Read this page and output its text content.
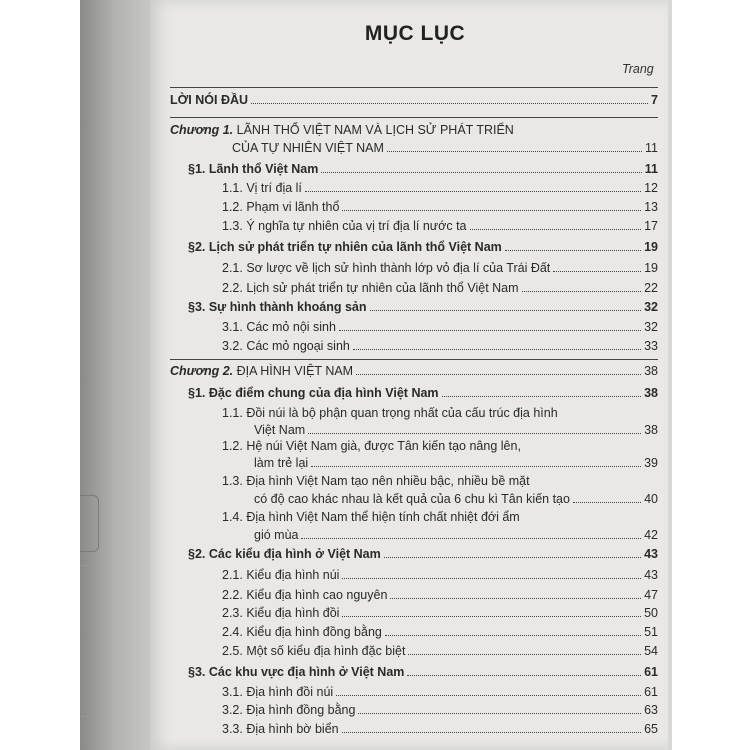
MỤC LỤC
Trang
LỜI NÓI ĐẦU	7
Chương 1. LÃNH THỔ VIỆT NAM VÀ LỊCH SỬ PHÁT TRIỂN
CỦA TỰ NHIÊN VIỆT NAM	11
§1. Lãnh thổ Việt Nam	11
1.1. Vị trí địa lí	12
1.2. Phạm vi lãnh thổ	13
1.3. Ý nghĩa tự nhiên của vị trí địa lí nước ta	17
§2. Lịch sử phát triển tự nhiên của lãnh thổ Việt Nam	19
2.1. Sơ lược về lịch sử hình thành lớp vỏ địa lí của Trái Đất	19
2.2. Lịch sử phát triển tự nhiên của lãnh thổ Việt Nam	22
§3. Sự hình thành khoáng sản	32
3.1. Các mỏ nội sinh	32
3.2. Các mỏ ngoại sinh	33
Chương 2. ĐỊA HÌNH VIỆT NAM	38
§1. Đặc điểm chung của địa hình Việt Nam	38
1.1. Đồi núi là bộ phận quan trọng nhất của cấu trúc địa hình
Việt Nam	38
1.2. Hệ núi Việt Nam già, được Tân kiến tạo nâng lên,
làm trẻ lại	39
1.3. Địa hình Việt Nam tạo nên nhiều bậc, nhiều bề mặt
có độ cao khác nhau là kết quả của 6 chu kì Tân kiến tạo	40
1.4. Địa hình Việt Nam thể hiện tính chất nhiệt đới ẩm
gió mùa	42
§2. Các kiểu địa hình ở Việt Nam	43
2.1. Kiểu địa hình núi	43
2.2. Kiểu địa hình cao nguyên	47
2.3. Kiểu địa hình đồi	50
2.4. Kiểu địa hình đồng bằng	51
2.5. Một số kiểu địa hình đặc biệt	54
§3. Các khu vực địa hình ở Việt Nam	61
3.1. Địa hình đồi núi	61
3.2. Địa hình đồng bằng	63
3.3. Địa hình bờ biển	65
